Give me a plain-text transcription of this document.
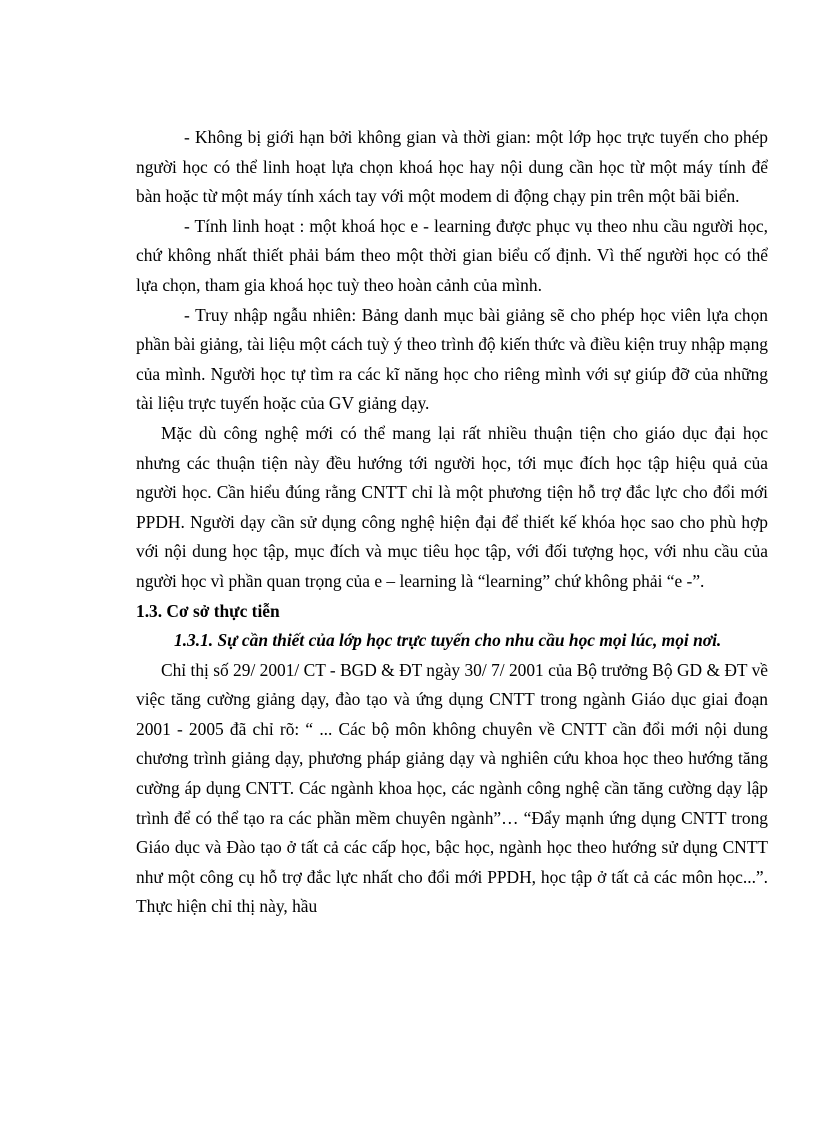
- Không bị giới hạn bởi không gian và thời gian: một lớp học trực tuyến cho phép người học có thể linh hoạt lựa chọn khoá học hay nội dung cần học từ một máy tính để bàn hoặc từ một máy tính xách tay với một modem di động chạy pin trên một bãi biển.

- Tính linh hoạt : một khoá học e - learning được phục vụ theo nhu cầu người học, chứ không nhất thiết phải bám theo một thời gian biểu cố định. Vì thế người học có thể lựa chọn, tham gia khoá học tuỳ theo hoàn cảnh của mình.

- Truy nhập ngẫu nhiên: Bảng danh mục bài giảng sẽ cho phép học viên lựa chọn phần bài giảng, tài liệu một cách tuỳ ý theo trình độ kiến thức và điều kiện truy nhập mạng của mình. Người học tự tìm ra các kĩ năng học cho riêng mình với sự giúp đỡ của những tài liệu trực tuyến hoặc của GV giảng dạy.

Mặc dù công nghệ mới có thể mang lại rất nhiều thuận tiện cho giáo dục đại học nhưng các thuận tiện này đều hướng tới người học, tới mục đích học tập hiệu quả của người học. Cần hiểu đúng rằng CNTT chỉ là một phương tiện hỗ trợ đắc lực cho đổi mới PPDH. Người dạy cần sử dụng công nghệ hiện đại để thiết kế khóa học sao cho phù hợp với nội dung học tập, mục đích và mục tiêu học tập, với đối tượng học, với nhu cầu của người học vì phần quan trọng của e – learning là “learning” chứ không phải “e -”.

1.3. Cơ sở thực tiễn

1.3.1. Sự cần thiết của lớp học trực tuyến cho nhu cầu học mọi lúc, mọi nơi.

Chỉ thị số 29/ 2001/ CT - BGD & ĐT ngày 30/ 7/ 2001 của Bộ trưởng Bộ GD & ĐT về việc tăng cường giảng dạy, đào tạo và ứng dụng CNTT trong ngành Giáo dục giai đoạn 2001 - 2005 đã chỉ rõ: “ ... Các bộ môn không chuyên về CNTT cần đổi mới nội dung chương trình giảng dạy, phương pháp giảng dạy và nghiên cứu khoa học theo hướng tăng cường áp dụng CNTT. Các ngành khoa học, các ngành công nghệ cần tăng cường dạy lập trình để có thể tạo ra các phần mềm chuyên ngành”… “Đẩy mạnh ứng dụng CNTT trong Giáo dục và Đào tạo ở tất cả các cấp học, bậc học, ngành học theo hướng sử dụng CNTT như một công cụ hỗ trợ đắc lực nhất cho đổi mới PPDH, học tập ở tất cả các môn học...”. Thực hiện chỉ thị này, hầu
